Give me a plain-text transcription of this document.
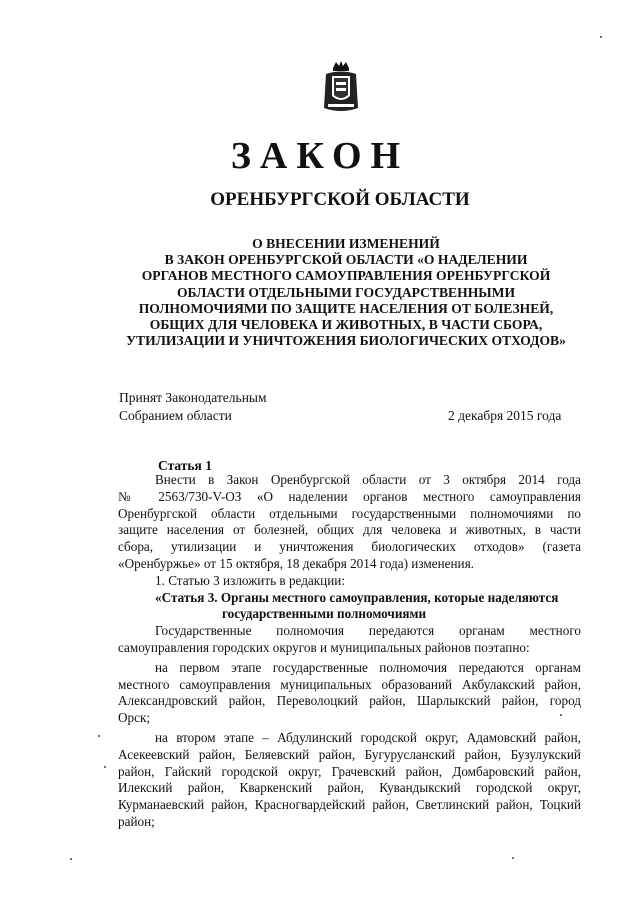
ЗАКОН
ОРЕНБУРГСКОЙ ОБЛАСТИ
О ВНЕСЕНИИ ИЗМЕНЕНИЙ
В ЗАКОН ОРЕНБУРГСКОЙ ОБЛАСТИ «О НАДЕЛЕНИИ
ОРГАНОВ МЕСТНОГО САМОУПРАВЛЕНИЯ ОРЕНБУРГСКОЙ
ОБЛАСТИ ОТДЕЛЬНЫМИ ГОСУДАРСТВЕННЫМИ
ПОЛНОМОЧИЯМИ ПО ЗАЩИТЕ НАСЕЛЕНИЯ ОТ БОЛЕЗНЕЙ,
ОБЩИХ ДЛЯ ЧЕЛОВЕКА И ЖИВОТНЫХ, В ЧАСТИ СБОРА,
УТИЛИЗАЦИИ И УНИЧТОЖЕНИЯ БИОЛОГИЧЕСКИХ ОТХОДОВ»
Принят Законодательным
Собранием области	2 декабря 2015 года
Статья 1
Внести в Закон Оренбургской области от 3 октября 2014 года
№ 2563/730-V-ОЗ «О наделении органов местного самоуправления
Оренбургской области отдельными государственными полномочиями по
защите населения от болезней, общих для человека и животных, в части
сбора, утилизации и уничтожения биологических отходов» (газета
«Оренбуржье» от 15 октября, 18 декабря 2014 года) изменения.
1. Статью 3 изложить в редакции:
«Статья 3. Органы местного самоуправления, которые наделяются
государственными полномочиями
Государственные полномочия передаются органам местного
самоуправления городских округов и муниципальных районов поэтапно:
на первом этапе государственные полномочия передаются органам
местного самоуправления муниципальных образований Акбулакский район,
Александровский район, Переволоцкий район, Шарлыкский район, город
Орск;
на втором этапе – Абдулинский городской округ, Адамовский район,
Асекеевский район, Беляевский район, Бугурусланский район, Бузулукский
район, Гайский городской округ, Грачевский район, Домбаровский район,
Илекский район, Кваркенский район, Кувандыкский городской округ,
Курманаевский район, Красногвардейский район, Светлинский район, Тоцкий
район;
